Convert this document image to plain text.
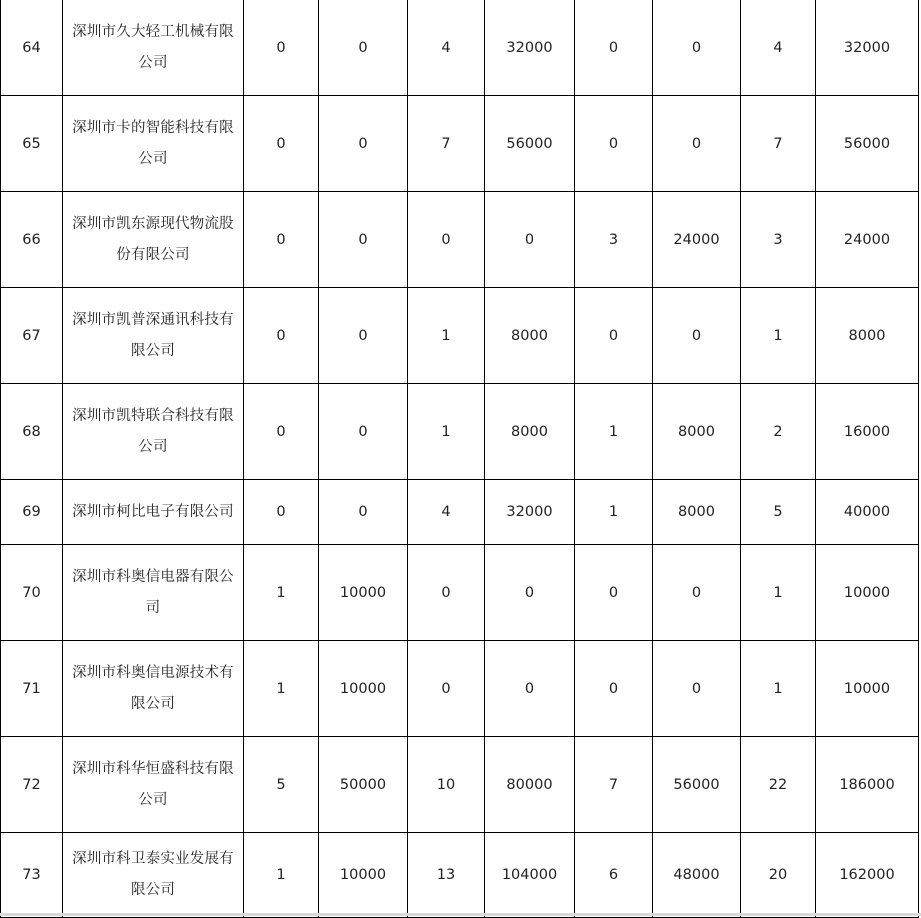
64	深圳市久大轻工机械有限公司	0	0	4	32000	0	0	4	32000
65	深圳市卡的智能科技有限公司	0	0	7	56000	0	0	7	56000
66	深圳市凯东源现代物流股份有限公司	0	0	0	0	3	24000	3	24000
67	深圳市凯普深通讯科技有限公司	0	0	1	8000	0	0	1	8000
68	深圳市凯特联合科技有限公司	0	0	1	8000	1	8000	2	16000
69	深圳市柯比电子有限公司	0	0	4	32000	1	8000	5	40000
70	深圳市科奥信电器有限公司	1	10000	0	0	0	0	1	10000
71	深圳市科奥信电源技术有限公司	1	10000	0	0	0	0	1	10000
72	深圳市科华恒盛科技有限公司	5	50000	10	80000	7	56000	22	186000
73	深圳市科卫泰实业发展有限公司	1	10000	13	104000	6	48000	20	162000
